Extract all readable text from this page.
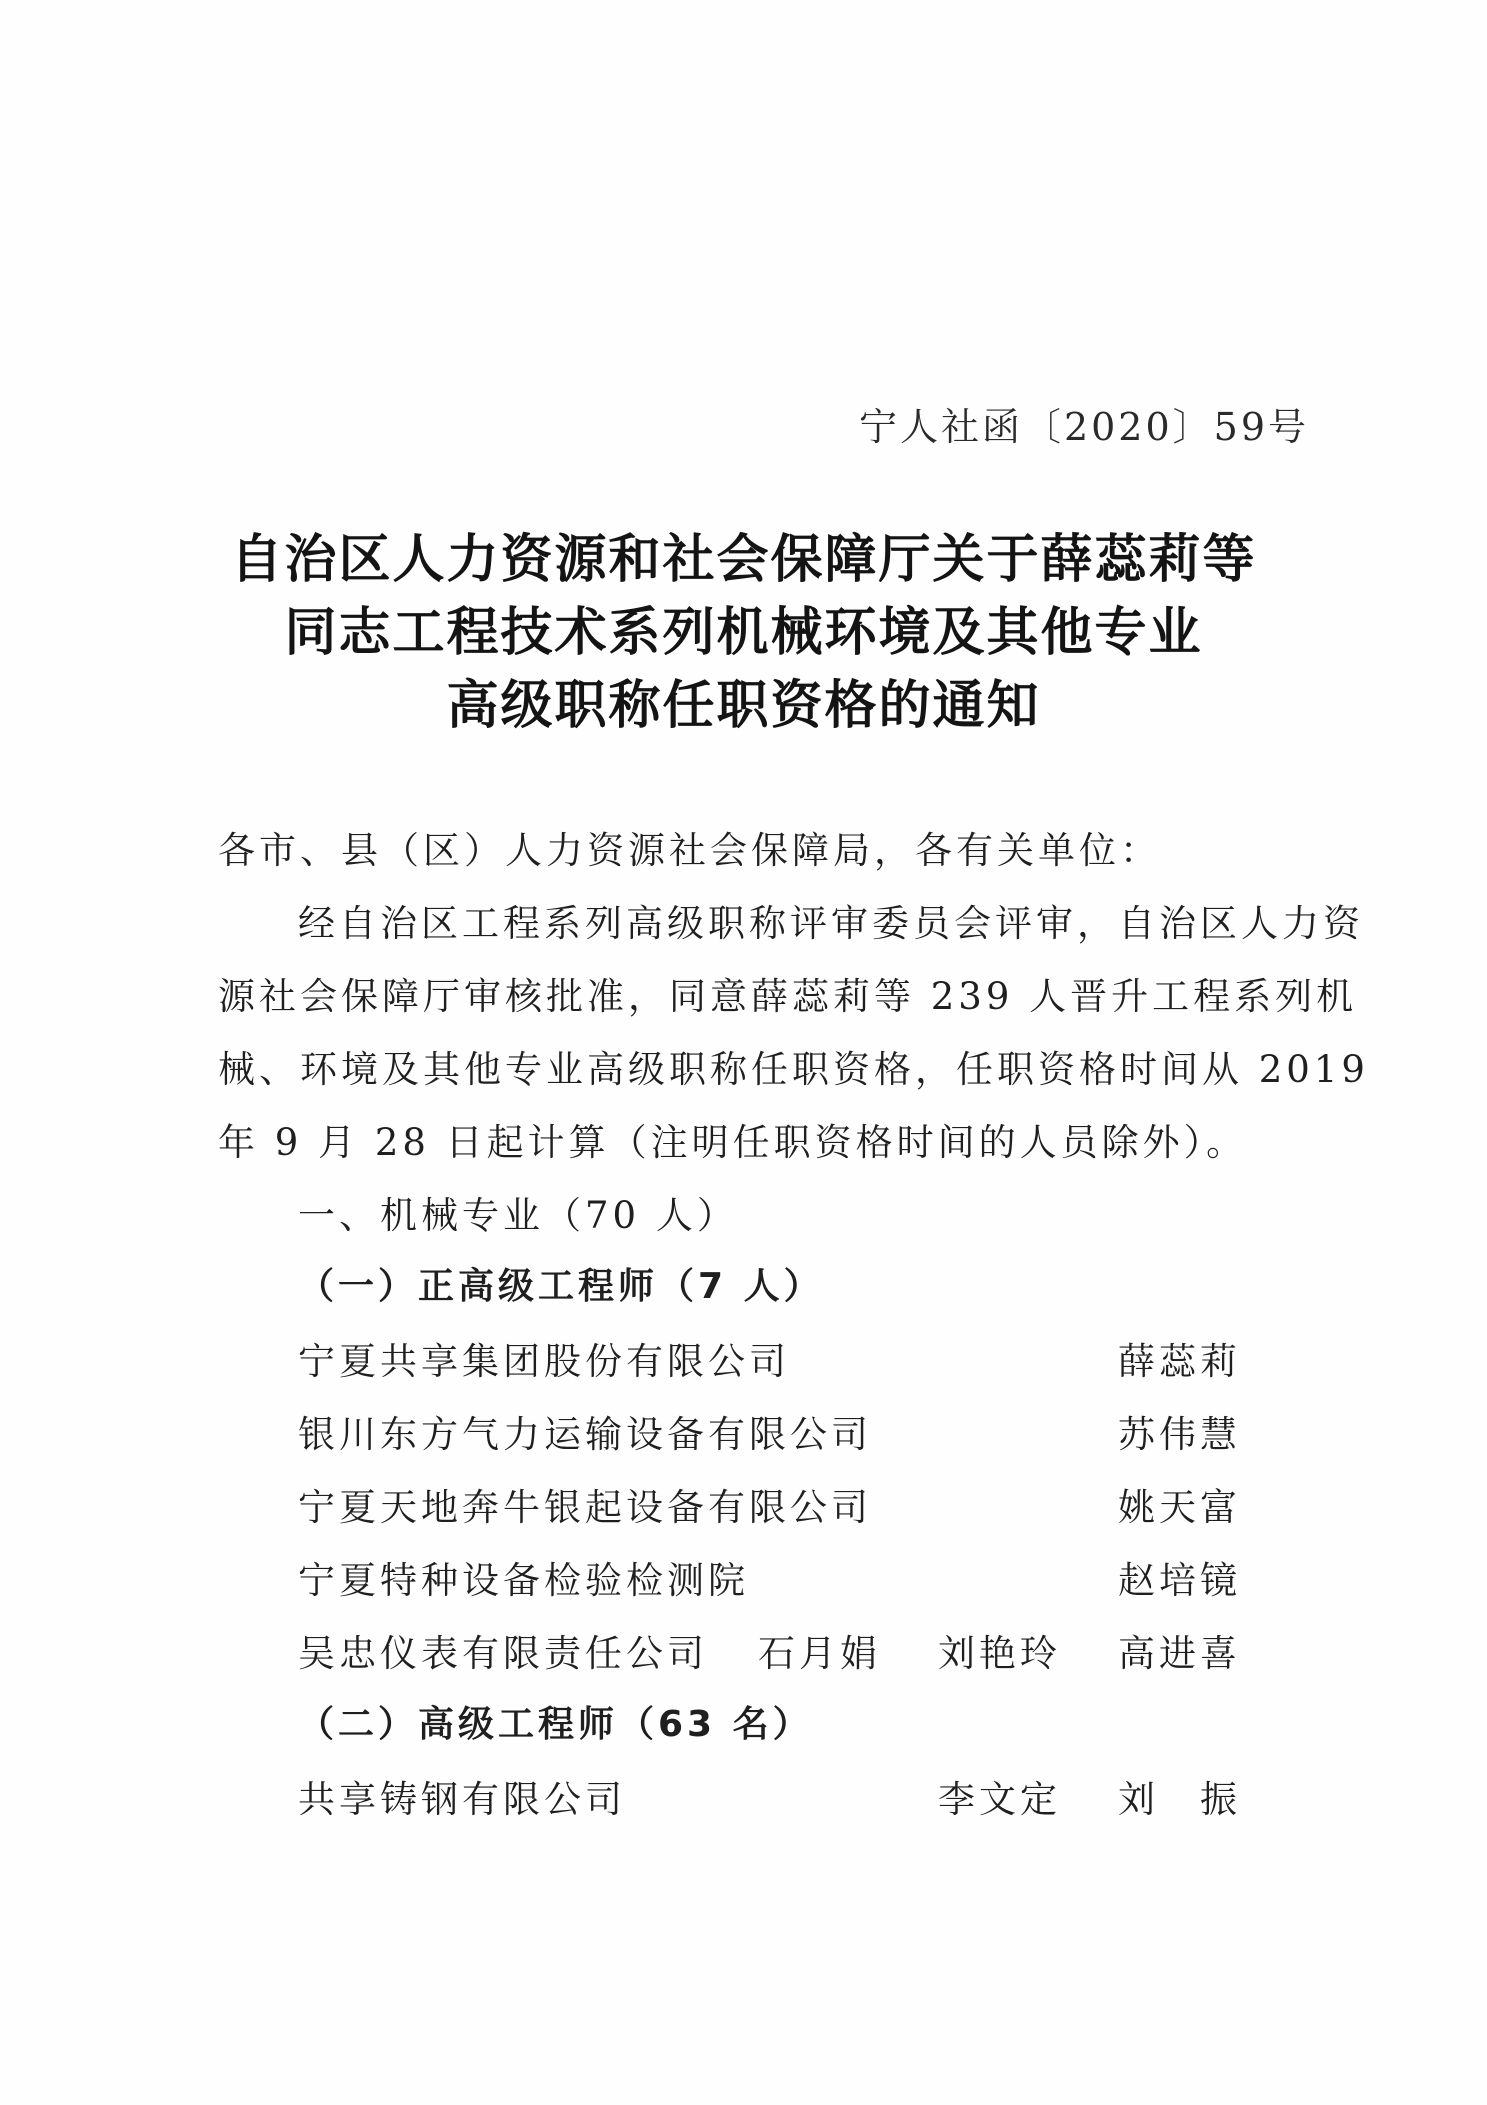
宁人社函〔2020〕59号
自治区人力资源和社会保障厅关于薛蕊莉等
同志工程技术系列机械环境及其他专业
高级职称任职资格的通知
各市、县（区）人力资源社会保障局，各有关单位：
经自治区工程系列高级职称评审委员会评审，自治区人力资
源社会保障厅审核批准，同意薛蕊莉等 239 人晋升工程系列机
械、环境及其他专业高级职称任职资格，任职资格时间从 2019
年 9 月 28 日起计算（注明任职资格时间的人员除外）。
一、机械专业（70 人）
（一）正高级工程师（7 人）
宁夏共享集团股份有限公司	薛蕊莉
银川东方气力运输设备有限公司	苏伟慧
宁夏天地奔牛银起设备有限公司	姚天富
宁夏特种设备检验检测院	赵培镜
吴忠仪表有限责任公司 石月娟 刘艳玲 高进喜
（二）高级工程师（63 名）
共享铸钢有限公司	李文定 刘　振
